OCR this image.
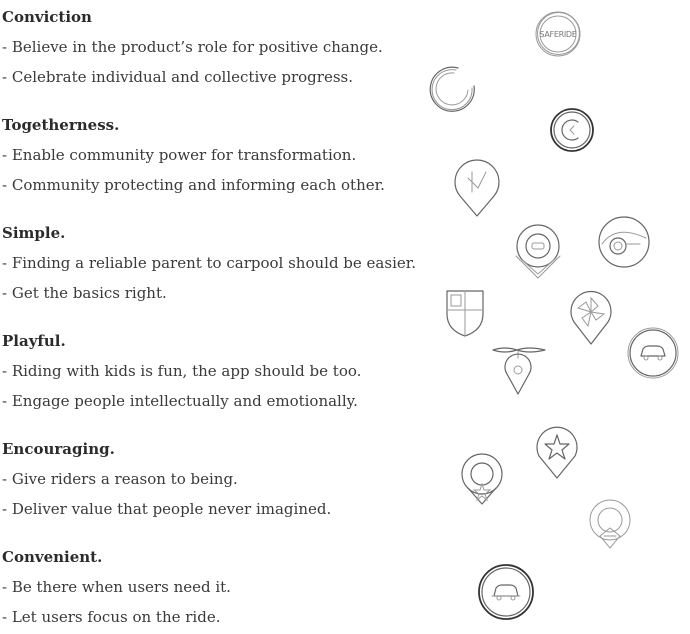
Conviction
- Believe in the product’s role for positive change.
- Celebrate individual and collective progress.
Togetherness.
- Enable community power for transformation.
- Community protecting and informing each other.
Simple.
- Finding a reliable parent to carpool should be easier.
- Get the basics right.
Playful.
- Riding with kids is fun, the app should be too.
- Engage people intellectually and emotionally.
Encouraging.
- Give riders a reason to being.
- Deliver value that people never imagined.
Convenient.
- Be there when users need it.
- Let users focus on the ride.
SAFERIDE
